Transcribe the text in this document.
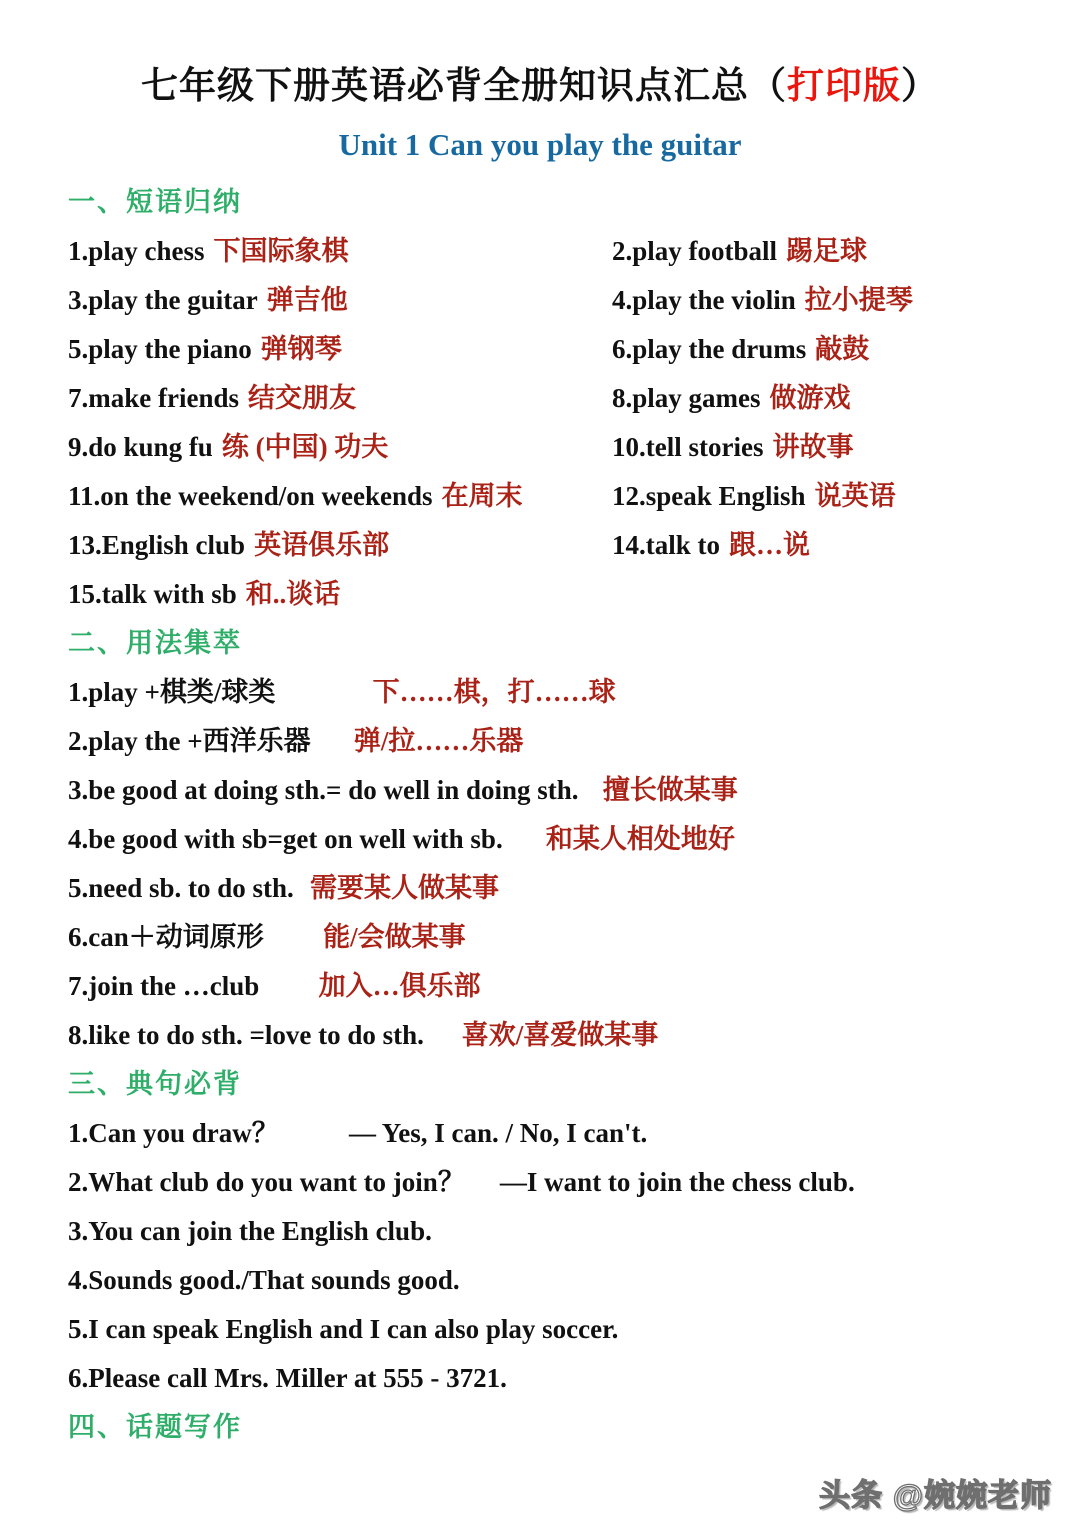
七年级下册英语必背全册知识点汇总（打印版）
Unit 1 Can you play the guitar
一、短语归纳
1.play chess 下国际象棋	2.play football 踢足球
3.play the guitar 弹吉他	4.play the violin 拉小提琴
5.play the piano 弹钢琴	6.play the drums 敲鼓
7.make friends 结交朋友	8.play games 做游戏
9.do kung fu 练 (中国) 功夫	10.tell stories 讲故事
11.on the weekend/on weekends 在周末	12.speak English 说英语
13.English club 英语俱乐部	14.talk to 跟…说
15.talk with sb 和..谈话
二、用法集萃
1.play +棋类/球类	下……棋，打……球
2.play the +西洋乐器 弹/拉……乐器
3.be good at doing sth.= do well in doing sth. 擅长做某事
4.be good with sb=get on well with sb. 和某人相处地好
5.need sb. to do sth. 需要某人做某事
6.can＋动词原形 能/会做某事
7.join the …club 加入…俱乐部
8.like to do sth. =love to do sth. 喜欢/喜爱做某事
三、典句必背
1.Can you draw？	— Yes, I can. / No, I can't.
2.What club do you want to join？ —I want to join the chess club.
3.You can join the English club.
4.Sounds good./That sounds good.
5.I can speak English and I can also play soccer.
6.Please call Mrs. Miller at 555 - 3721.
四、话题写作
头条 @婉婉老师
